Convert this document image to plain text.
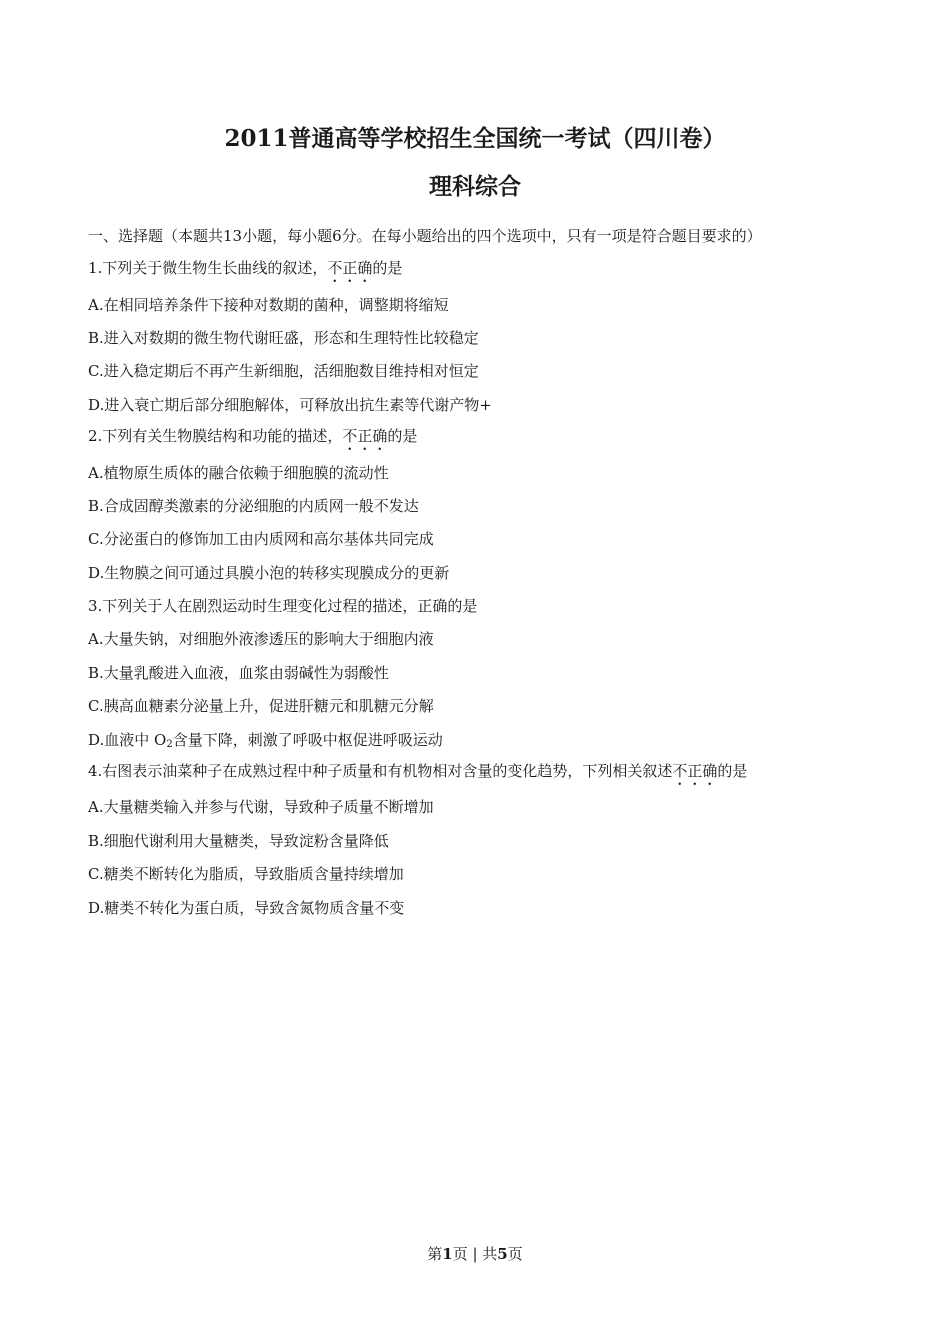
2011普通高等学校招生全国统一考试（四川卷）
理科综合

一、选择题（本题共13小题，每小题6分。在每小题给出的四个选项中，只有一项是符合题目要求的）

1.下列关于微生物生长曲线的叙述，不正确的是

A.在相同培养条件下接种对数期的菌种，调整期将缩短

B.进入对数期的微生物代谢旺盛，形态和生理特性比较稳定

C.进入稳定期后不再产生新细胞，活细胞数目维持相对恒定

D.进入衰亡期后部分细胞解体，可释放出抗生素等代谢产物+

2.下列有关生物膜结构和功能的描述，不正确的是

A.植物原生质体的融合依赖于细胞膜的流动性

B.合成固醇类激素的分泌细胞的内质网一般不发达

C.分泌蛋白的修饰加工由内质网和高尔基体共同完成

D.生物膜之间可通过具膜小泡的转移实现膜成分的更新

3.下列关于人在剧烈运动时生理变化过程的描述，正确的是

A.大量失钠，对细胞外液渗透压的影响大于细胞内液

B.大量乳酸进入血液，血浆由弱碱性为弱酸性

C.胰高血糖素分泌量上升，促进肝糖元和肌糖元分解

D.血液中 $O_2$含量下降，刺激了呼吸中枢促进呼吸运动

4.右图表示油菜种子在成熟过程中种子质量和有机物相对含量的变化趋势，下列相关叙述不正确的是

A.大量糖类输入并参与代谢，导致种子质量不断增加

B.细胞代谢利用大量糖类，导致淀粉含量降低

C.糖类不断转化为脂质，导致脂质含量持续增加

D.糖类不转化为蛋白质，导致含氮物质含量不变

第1页 | 共5页
